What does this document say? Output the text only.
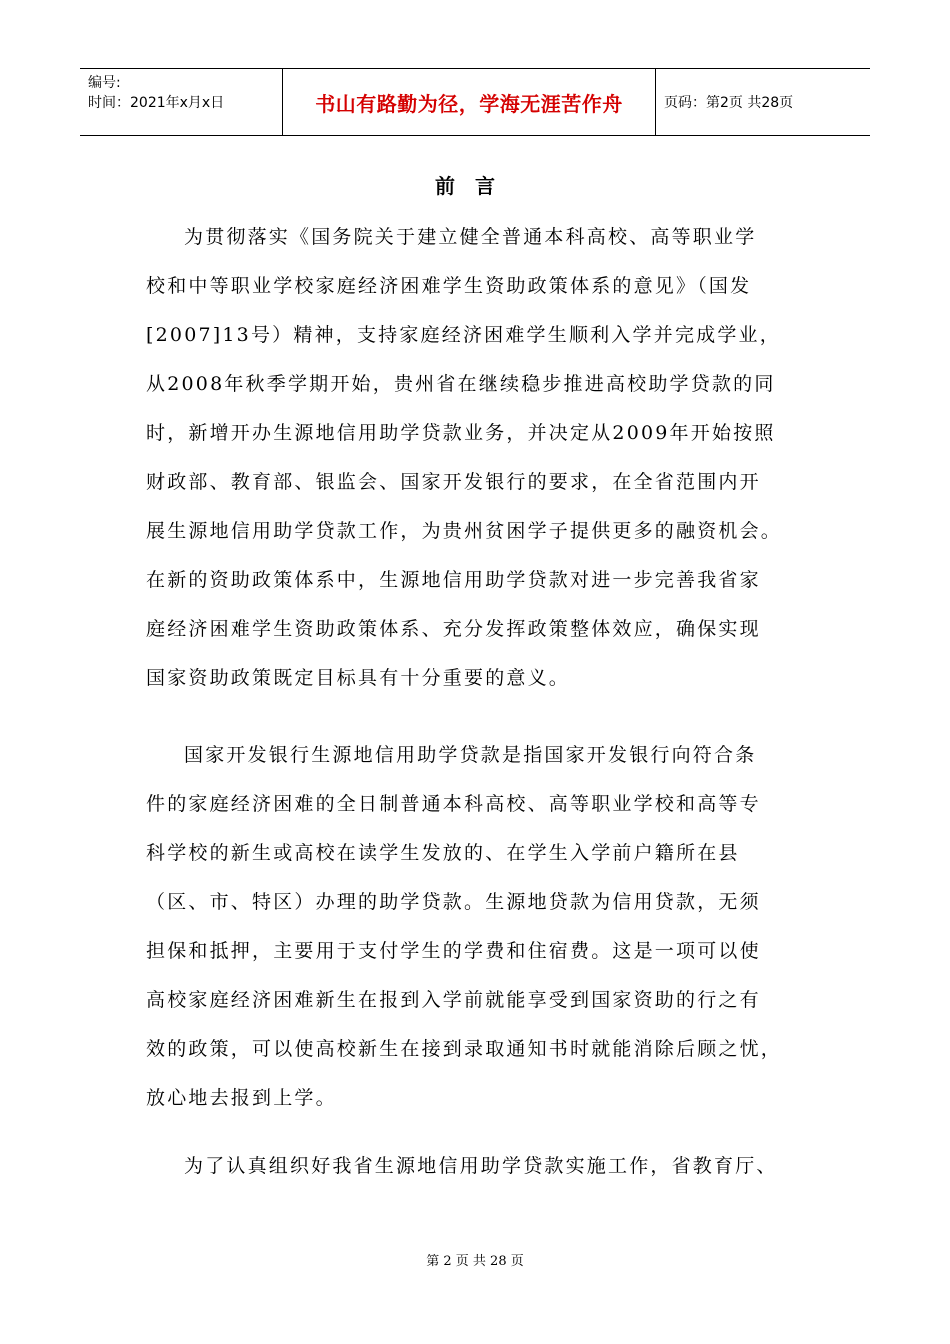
编号:
时间：2021年x月x日	书山有路勤为径，学海无涯苦作舟	页码：第2页 共28页
前言
为贯彻落实《国务院关于建立健全普通本科高校、高等职业学
校和中等职业学校家庭经济困难学生资助政策体系的意见》（国发
[2007]13号）精神，支持家庭经济困难学生顺利入学并完成学业，
从2008年秋季学期开始，贵州省在继续稳步推进高校助学贷款的同
时，新增开办生源地信用助学贷款业务，并决定从2009年开始按照
财政部、教育部、银监会、国家开发银行的要求，在全省范围内开
展生源地信用助学贷款工作，为贵州贫困学子提供更多的融资机会。
在新的资助政策体系中，生源地信用助学贷款对进一步完善我省家
庭经济困难学生资助政策体系、充分发挥政策整体效应，确保实现
国家资助政策既定目标具有十分重要的意义。
国家开发银行生源地信用助学贷款是指国家开发银行向符合条
件的家庭经济困难的全日制普通本科高校、高等职业学校和高等专
科学校的新生或高校在读学生发放的、在学生入学前户籍所在县
（区、市、特区）办理的助学贷款。生源地贷款为信用贷款，无须
担保和抵押，主要用于支付学生的学费和住宿费。这是一项可以使
高校家庭经济困难新生在报到入学前就能享受到国家资助的行之有
效的政策，可以使高校新生在接到录取通知书时就能消除后顾之忧，
放心地去报到上学。
为了认真组织好我省生源地信用助学贷款实施工作，省教育厅、
第 2 页 共 28 页
